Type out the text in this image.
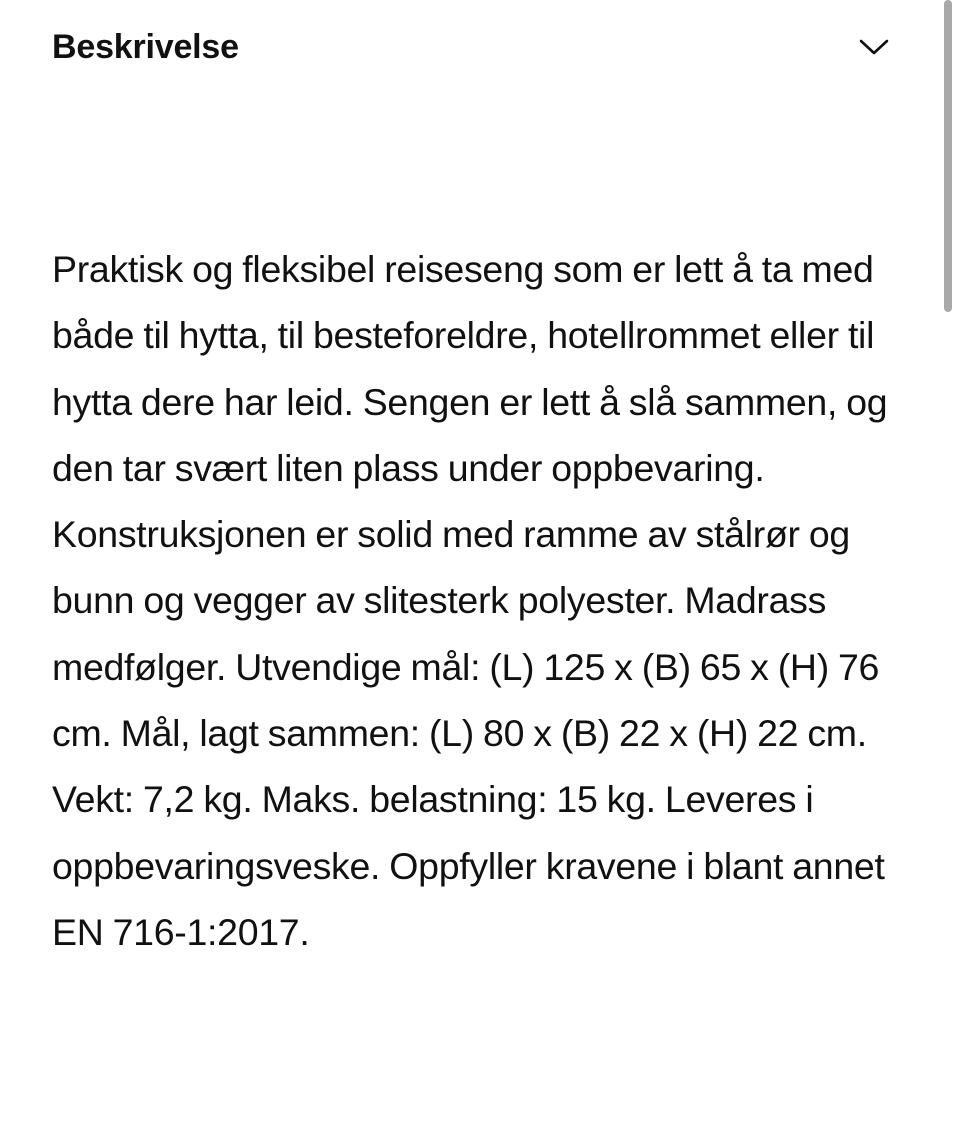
Beskrivelse

Praktisk og fleksibel reiseseng som er lett å ta med både til hytta, til besteforeldre, hotellrommet eller til hytta dere har leid. Sengen er lett å slå sammen, og den tar svært liten plass under oppbevaring. Konstruksjonen er solid med ramme av stålrør og bunn og vegger av slitesterk polyester. Madrass medfølger. Utvendige mål: (L) 125 x (B) 65 x (H) 76 cm. Mål, lagt sammen: (L) 80 x (B) 22 x (H) 22 cm. Vekt: 7,2 kg. Maks. belastning: 15 kg. Leveres i oppbevaringsveske. Oppfyller kravene i blant annet EN 716-1:2017.
